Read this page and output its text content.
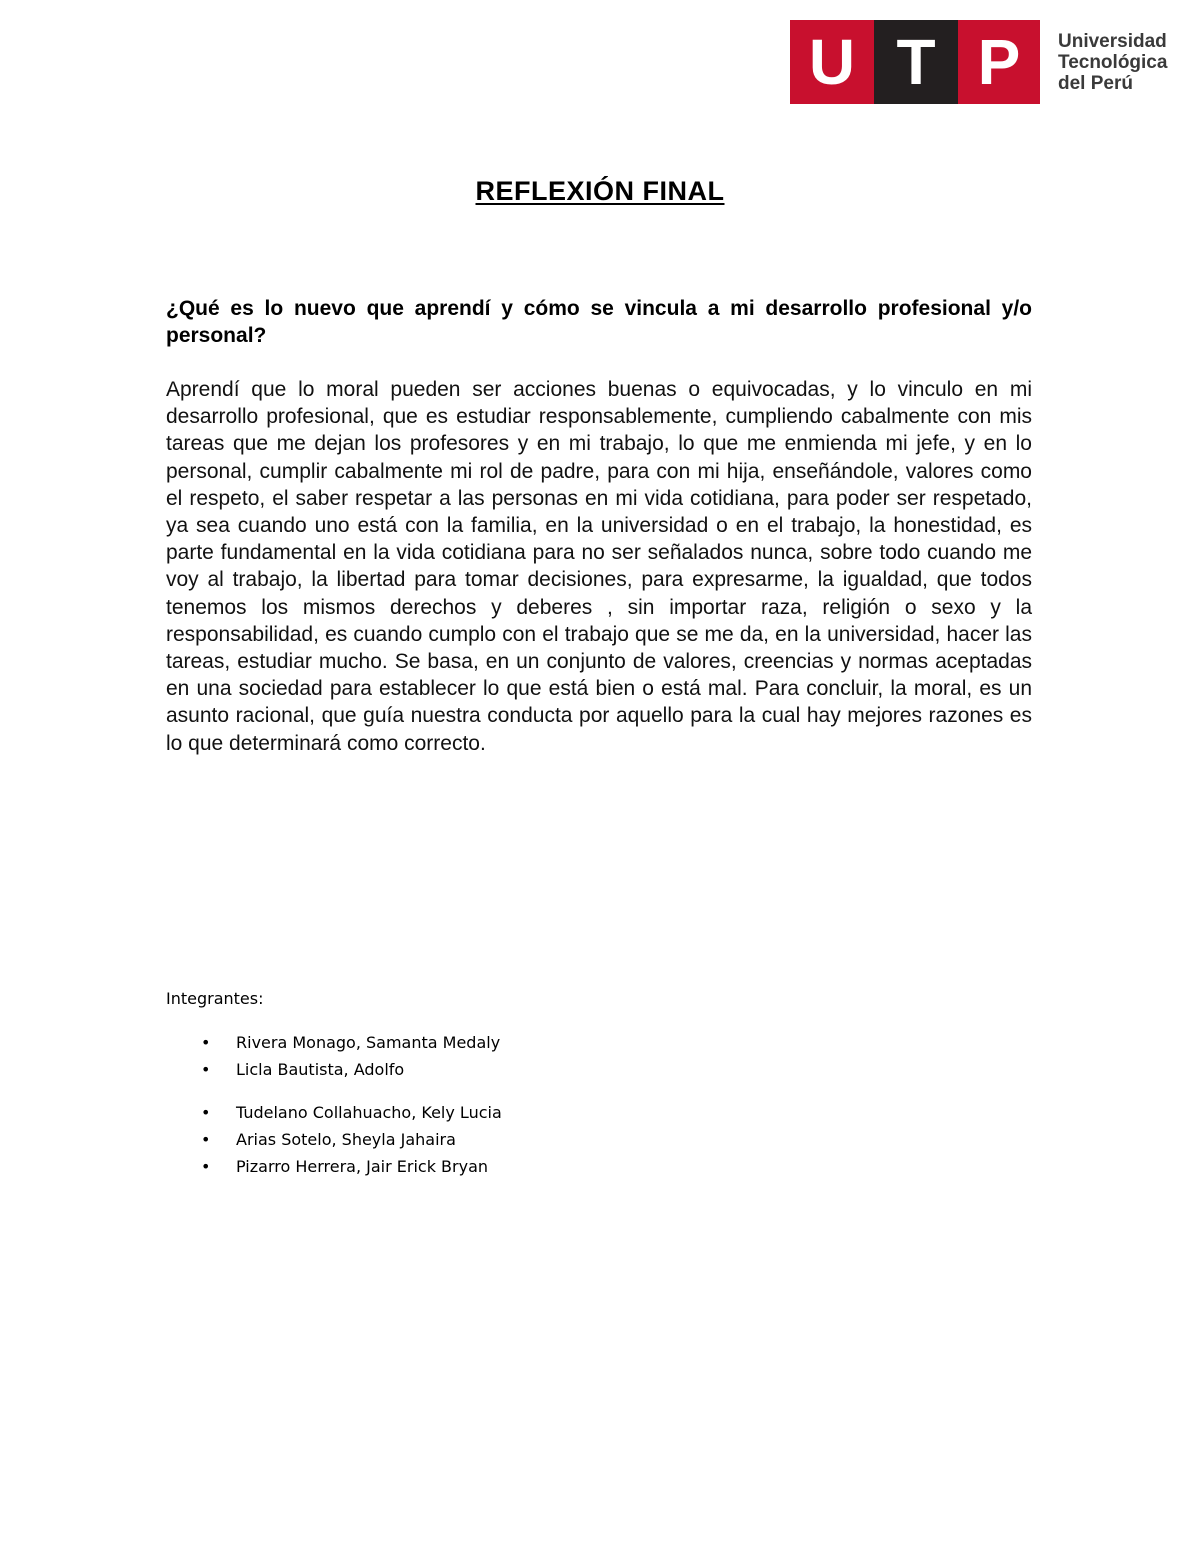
U T P	Universidad
Tecnológica
del Perú
REFLEXIÓN FINAL

¿Qué es lo nuevo que aprendí y cómo se vincula a mi desarrollo profesional y/o personal?

Aprendí que lo moral pueden ser acciones buenas o equivocadas, y lo vinculo en mi desarrollo profesional, que es estudiar responsablemente, cumpliendo cabalmente con mis tareas que me dejan los profesores y en mi trabajo, lo que me enmienda mi jefe, y en lo personal, cumplir cabalmente mi rol de padre, para con mi hija, enseñándole, valores como el respeto, el saber respetar a las personas en mi vida cotidiana, para poder ser respetado, ya sea cuando uno está con la familia, en la universidad o en el trabajo, la honestidad, es parte fundamental en la vida cotidiana para no ser señalados nunca, sobre todo cuando me voy al trabajo, la libertad para tomar decisiones, para expresarme, la igualdad, que todos tenemos los mismos derechos y deberes , sin importar raza, religión o sexo y la responsabilidad, es cuando cumplo con el trabajo que se me da, en la universidad, hacer las tareas, estudiar mucho. Se basa, en un conjunto de valores, creencias y normas aceptadas en una sociedad para establecer lo que está bien o está mal. Para concluir, la moral, es un asunto racional, que guía nuestra conducta por aquello para la cual hay mejores razones es lo que determinará como correcto.

Integrantes:

• Rivera Monago, Samanta Medaly
• Licla Bautista, Adolfo
• Tudelano Collahuacho, Kely Lucia
• Arias Sotelo, Sheyla Jahaira
• Pizarro Herrera, Jair Erick Bryan
